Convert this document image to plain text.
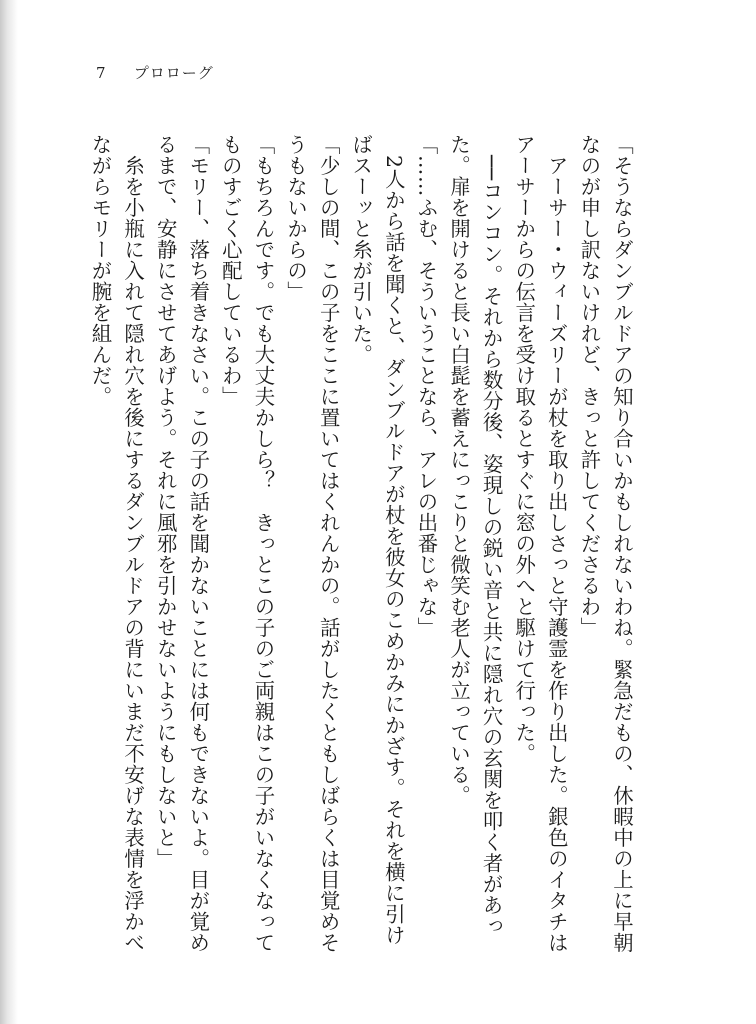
7 プロローグ
「そうならダンブルドアの知り合いかもしれないわね。緊急だもの、休暇中の上に早朝
なのが申し訳ないけれど、きっと許してくださるわ」
　アーサー・ウィーズリーが杖を取り出しさっと守護霊を作り出した。銀色のイタチは
アーサーからの伝言を受け取るとすぐに窓の外へと駆けて行った。
　──コンコン。それから数分後、姿現しの鋭い音と共に隠れ穴の玄関を叩く者があっ
た。扉を開けると長い白髭を蓄えにっこりと微笑む老人が立っている。
「……ふむ、そういうことなら、アレの出番じゃな」
　2人から話を聞くと、ダンブルドアが杖を彼女のこめかみにかざす。それを横に引け
ばスーッと糸が引いた。
「少しの間、この子をここに置いてはくれんかの。話がしたくともしばらくは目覚めそ
うもないからの」
「もちろんです。でも大丈夫かしら？　きっとこの子のご両親はこの子がいなくなって
ものすごく心配しているわ」
「モリー、落ち着きなさい。この子の話を聞かないことには何もできないよ。目が覚め
るまで、安静にさせてあげよう。それに風邪を引かせないようにもしないと」
　糸を小瓶に入れて隠れ穴を後にするダンブルドアの背にいまだ不安げな表情を浮かべ
ながらモリーが腕を組んだ。
